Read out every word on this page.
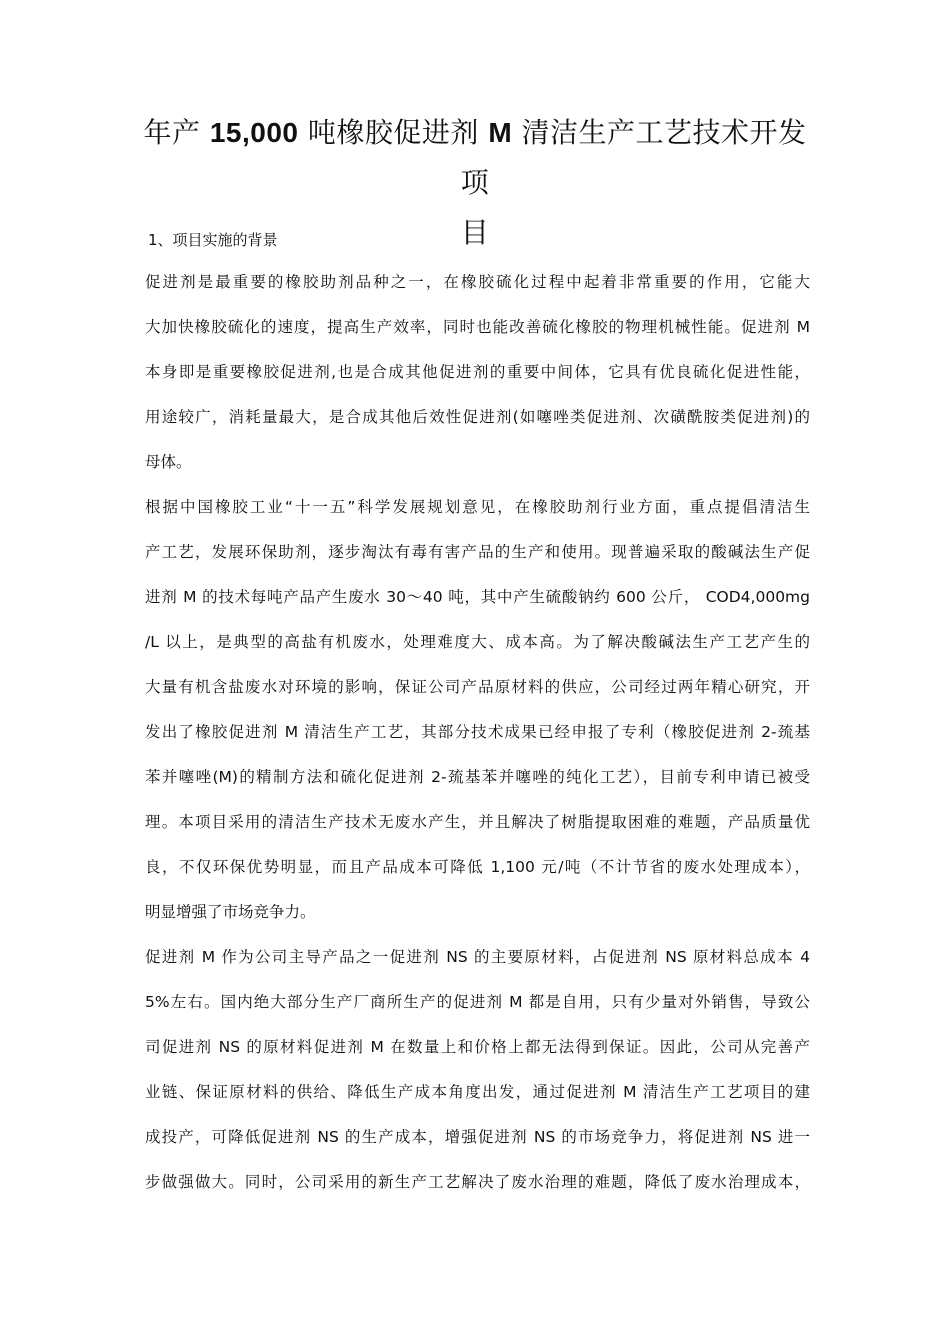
年产 15,000 吨橡胶促进剂 M 清洁生产工艺技术开发项
目
1、项目实施的背景
促进剂是最重要的橡胶助剂品种之一，在橡胶硫化过程中起着非常重要的作用，它能大
大加快橡胶硫化的速度，提高生产效率，同时也能改善硫化橡胶的物理机械性能。促进剂 M
本身即是重要橡胶促进剂,也是合成其他促进剂的重要中间体，它具有优良硫化促进性能，
用途较广，消耗量最大，是合成其他后效性促进剂(如噻唑类促进剂、次磺酰胺类促进剂)的
母体。
根据中国橡胶工业“十一五”科学发展规划意见，在橡胶助剂行业方面，重点提倡清洁生
产工艺，发展环保助剂，逐步淘汰有毒有害产品的生产和使用。现普遍采取的酸碱法生产促
进剂 M 的技术每吨产品产生废水 30～40 吨，其中产生硫酸钠约 600 公斤， COD4,000mg
/L 以上，是典型的高盐有机废水，处理难度大、成本高。为了解决酸碱法生产工艺产生的
大量有机含盐废水对环境的影响，保证公司产品原材料的供应，公司经过两年精心研究，开
发出了橡胶促进剂 M 清洁生产工艺，其部分技术成果已经申报了专利（橡胶促进剂 2-巯基
苯并噻唑(M)的精制方法和硫化促进剂 2-巯基苯并噻唑的纯化工艺），目前专利申请已被受
理。本项目采用的清洁生产技术无废水产生，并且解决了树脂提取困难的难题，产品质量优
良，不仅环保优势明显，而且产品成本可降低 1,100 元/吨（不计节省的废水处理成本），
明显增强了市场竞争力。
促进剂 M 作为公司主导产品之一促进剂 NS 的主要原材料，占促进剂 NS 原材料总成本 4
5%左右。国内绝大部分生产厂商所生产的促进剂 M 都是自用，只有少量对外销售，导致公
司促进剂 NS 的原材料促进剂 M 在数量上和价格上都无法得到保证。因此，公司从完善产
业链、保证原材料的供给、降低生产成本角度出发，通过促进剂 M 清洁生产工艺项目的建
成投产，可降低促进剂 NS 的生产成本，增强促进剂 NS 的市场竞争力，将促进剂 NS 进一
步做强做大。同时，公司采用的新生产工艺解决了废水治理的难题，降低了废水治理成本，
